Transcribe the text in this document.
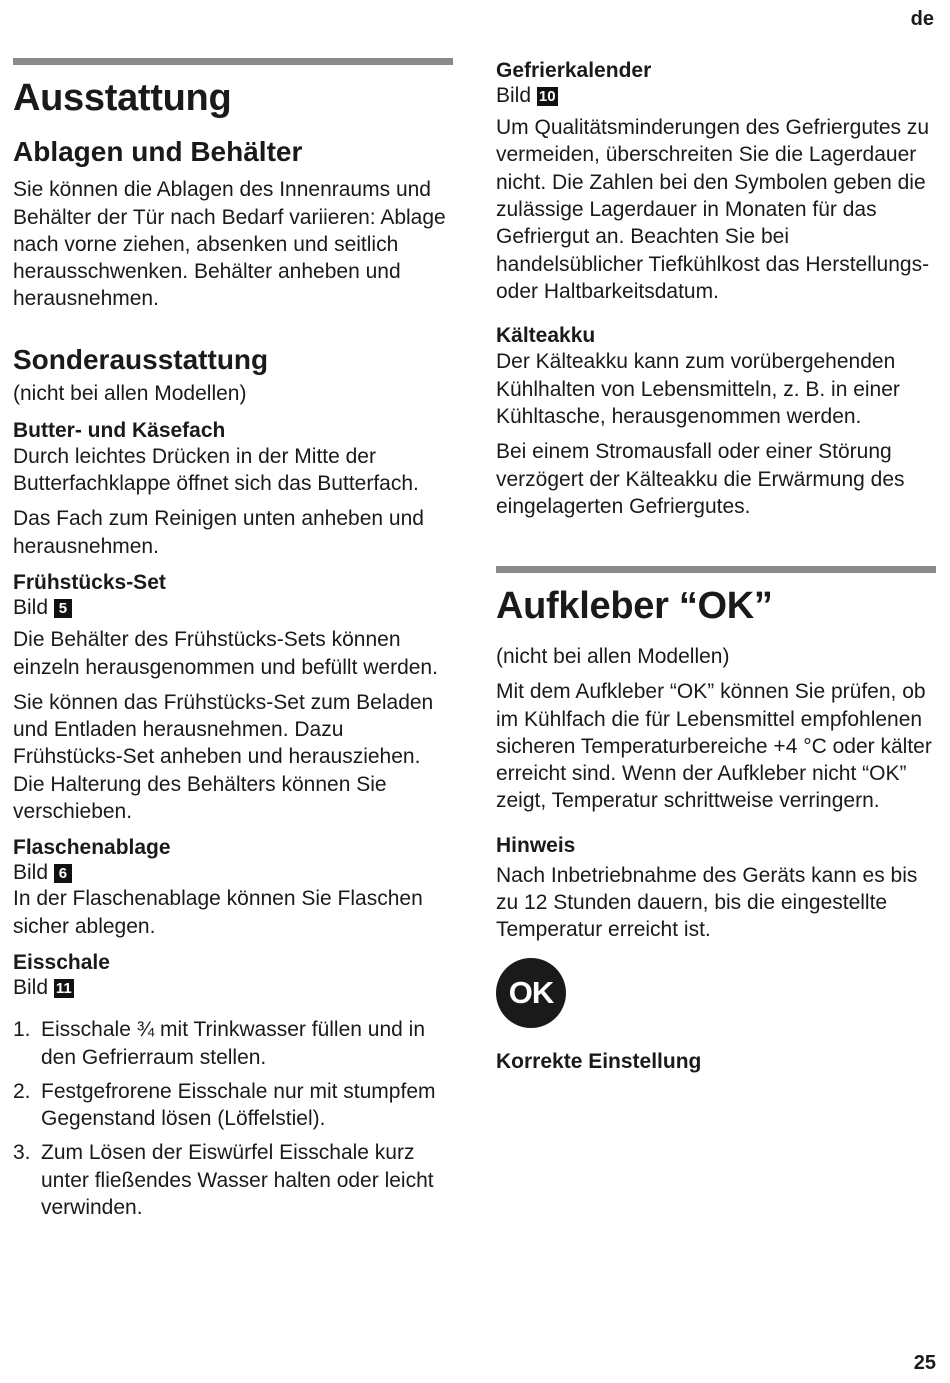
de
Ausstattung
Ablagen und Behälter

Sie können die Ablagen des Innenraums und Behälter der Tür nach Bedarf variieren: Ablage nach vorne ziehen, absenken und seitlich herausschwenken. Behälter anheben und herausnehmen.

Sonderausstattung

(nicht bei allen Modellen)

Butter- und Käsefach

Durch leichtes Drücken in der Mitte der Butterfachklappe öffnet sich das Butterfach.

Das Fach zum Reinigen unten anheben und herausnehmen.

Frühstücks-Set
Bild 5

Die Behälter des Frühstücks-Sets können einzeln herausgenommen und befüllt werden.

Sie können das Frühstücks-Set zum Beladen und Entladen herausnehmen. Dazu Frühstücks-Set anheben und herausziehen. Die Halterung des Behälters können Sie verschieben.

Flaschenablage
Bild 6

In der Flaschenablage können Sie Flaschen sicher ablegen.

Eisschale
Bild 11
1. Eisschale ¾ mit Trinkwasser füllen und in den Gefrierraum stellen.
2. Festgefrorene Eisschale nur mit stumpfem Gegenstand lösen (Löffelstiel).
3. Zum Lösen der Eiswürfel Eisschale kurz unter fließendes Wasser halten oder leicht verwinden.
Gefrierkalender
Bild 10

Um Qualitätsminderungen des Gefriergutes zu vermeiden, überschreiten Sie die Lagerdauer nicht. Die Zahlen bei den Symbolen geben die zulässige Lagerdauer in Monaten für das Gefriergut an. Beachten Sie bei handelsüblicher Tiefkühlkost das Herstellungs- oder Haltbarkeitsdatum.

Kälteakku

Der Kälteakku kann zum vorübergehenden Kühlhalten von Lebensmitteln, z. B. in einer Kühltasche, herausgenommen werden.

Bei einem Stromausfall oder einer Störung verzögert der Kälteakku die Erwärmung des eingelagerten Gefriergutes.

Aufkleber “OK”

(nicht bei allen Modellen)

Mit dem Aufkleber “OK” können Sie prüfen, ob im Kühlfach die für Lebensmittel empfohlenen sicheren Temperaturbereiche +4 °C oder kälter erreicht sind. Wenn der Aufkleber nicht “OK” zeigt, Temperatur schrittweise verringern.

Hinweis

Nach Inbetriebnahme des Geräts kann es bis zu 12 Stunden dauern, bis die eingestellte Temperatur erreicht ist.

OK
Korrekte Einstellung
25
